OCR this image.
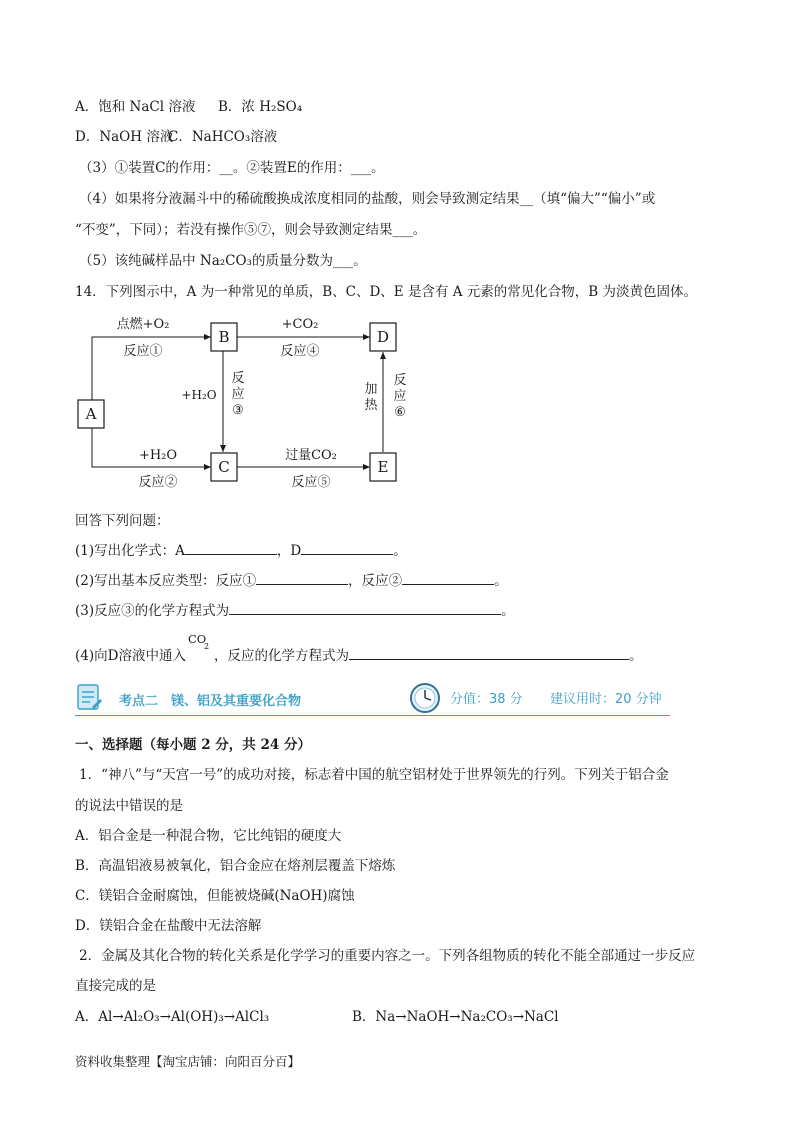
A．饱和 NaCl 溶液 B．浓 H₂SO₄
D．NaOH 溶液
C．NaHCO₃溶液
（3）①装置C的作用：__。②装置E的作用：___。
（4）如果将分液漏斗中的稀硫酸换成浓度相同的盐酸，则会导致测定结果__（填“偏大”“偏小”或
“不变”，下同）；若没有操作⑤⑦，则会导致测定结果___。
（5）该纯碱样品中 Na₂CO₃的质量分数为___。
14．下列图示中，A 为一种常见的单质，B、C、D、E 是含有 A 元素的常见化合物，B 为淡黄色固体。
A
B
C
D
E
点燃+O₂
反应①
+CO₂
反应④
+H₂O
反应②
过量CO₂
反应⑤
+H₂O
反
应
③
加
热
反
应
⑥
回答下列问题：
(1)写出化学式：A	，D	。
(2)写出基本反应类型：反应①	，反应②	。
(3)反应③的化学方程式为	。
(4)向D溶液中通入
CO
2
，反应的化学方程式为	。
考点二　镁、铝及其重要化合物	分值：38 分 建议用时：20 分钟
一、选择题（每小题 2 分，共 24 分）
1．“神八”与“天宫一号”的成功对接，标志着中国的航空铝材处于世界领先的行列。下列关于铝合金
的说法中错误的是
A．铝合金是一种混合物，它比纯铝的硬度大
B．高温铝液易被氧化，铝合金应在熔剂层覆盖下熔炼
C．镁铝合金耐腐蚀，但能被烧碱(NaOH)腐蚀
D．镁铝合金在盐酸中无法溶解
2．金属及其化合物的转化关系是化学学习的重要内容之一。下列各组物质的转化不能全部通过一步反应
直接完成的是
A．Al→Al₂O₃→Al(OH)₃→AlCl₃	B．Na→NaOH→Na₂CO₃→NaCl
资料收集整理【淘宝店铺：向阳百分百】
